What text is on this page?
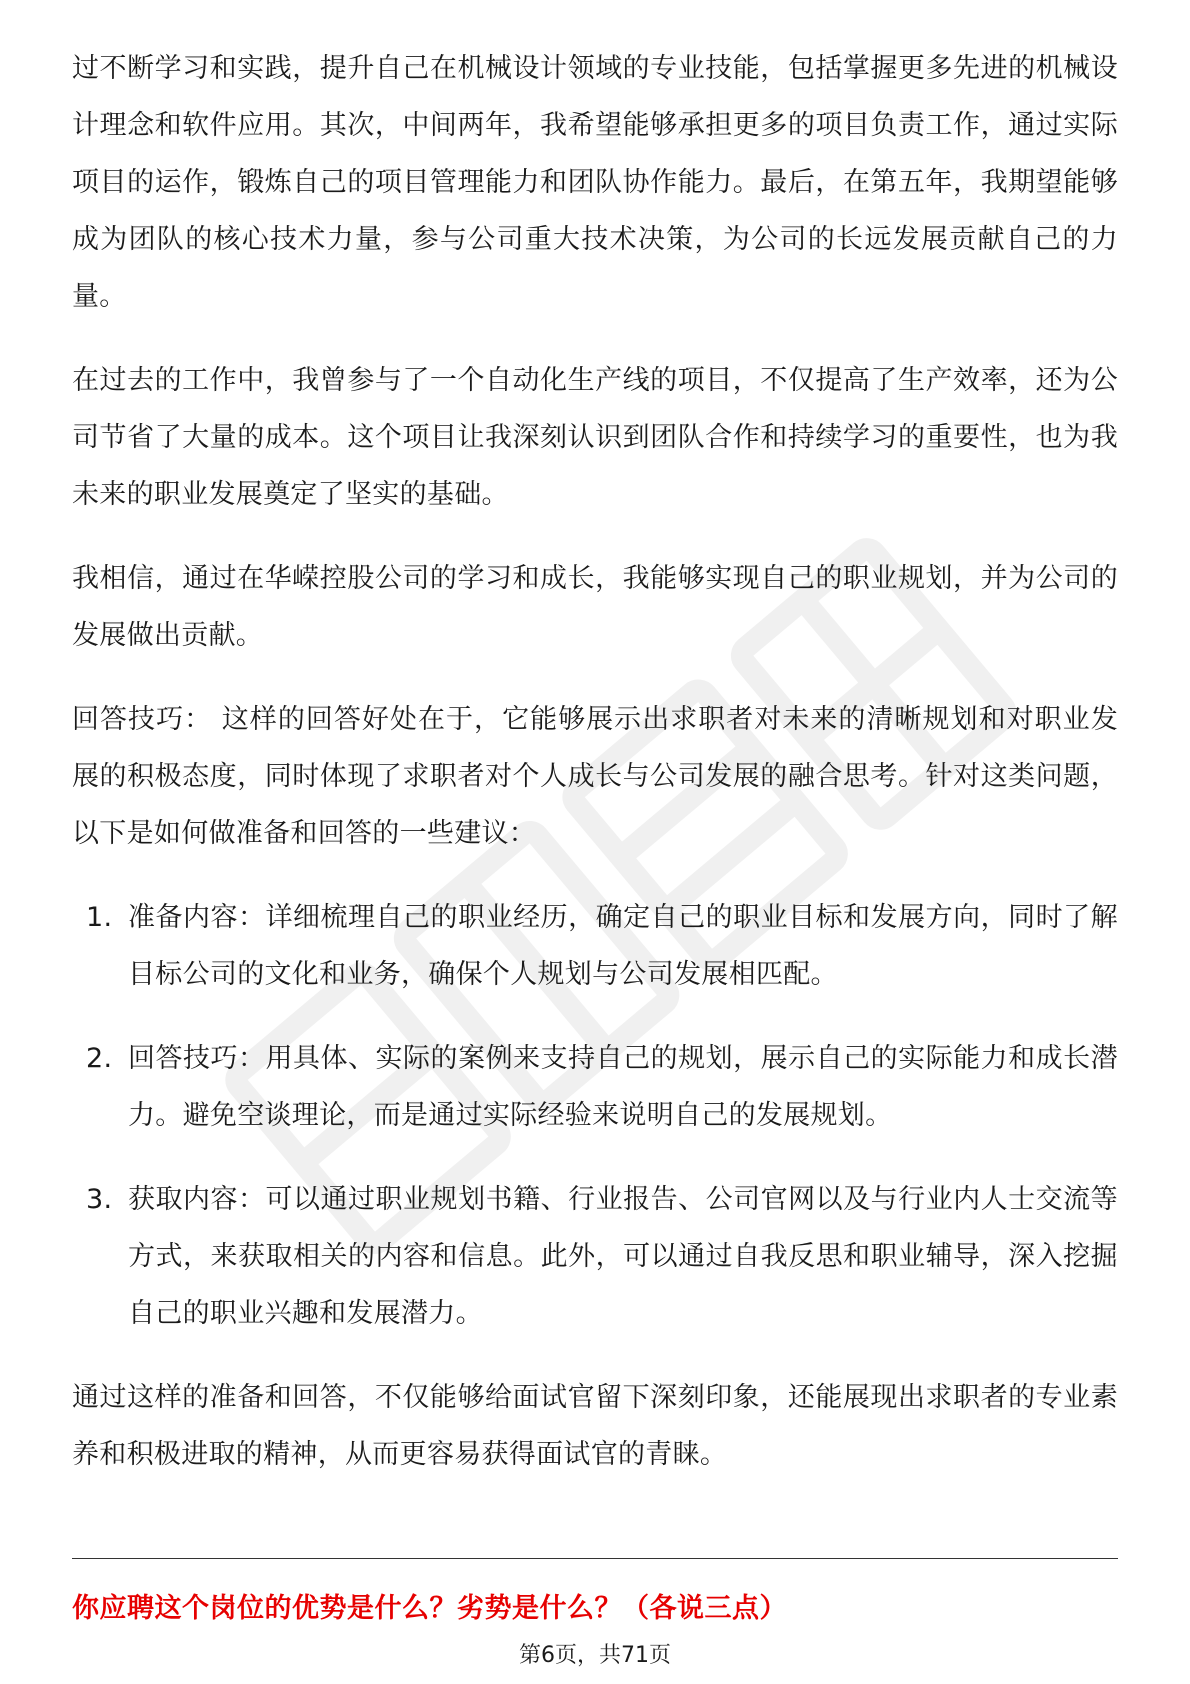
过不断学习和实践，提升自己在机械设计领域的专业技能，包括掌握更多先进的机械设计理念和软件应用。其次，中间两年，我希望能够承担更多的项目负责工作，通过实际项目的运作，锻炼自己的项目管理能力和团队协作能力。最后，在第五年，我期望能够成为团队的核心技术力量，参与公司重大技术决策，为公司的长远发展贡献自己的力量。

在过去的工作中，我曾参与了一个自动化生产线的项目，不仅提高了生产效率，还为公司节省了大量的成本。这个项目让我深刻认识到团队合作和持续学习的重要性，也为我未来的职业发展奠定了坚实的基础。

我相信，通过在华嵘控股公司的学习和成长，我能够实现自己的职业规划，并为公司的发展做出贡献。

回答技巧： 这样的回答好处在于，它能够展示出求职者对未来的清晰规划和对职业发展的积极态度，同时体现了求职者对个人成长与公司发展的融合思考。针对这类问题，以下是如何做准备和回答的一些建议：

1. 准备内容：详细梳理自己的职业经历，确定自己的职业目标和发展方向，同时了解目标公司的文化和业务，确保个人规划与公司发展相匹配。
2. 回答技巧：用具体、实际的案例来支持自己的规划，展示自己的实际能力和成长潜力。避免空谈理论，而是通过实际经验来说明自己的发展规划。
3. 获取内容：可以通过职业规划书籍、行业报告、公司官网以及与行业内人士交流等方式，来获取相关的内容和信息。此外，可以通过自我反思和职业辅导，深入挖掘自己的职业兴趣和发展潜力。

通过这样的准备和回答，不仅能够给面试官留下深刻印象，还能展现出求职者的专业素养和积极进取的精神，从而更容易获得面试官的青睐。

你应聘这个岗位的优势是什么？劣势是什么？（各说三点）
第6页，共71页
